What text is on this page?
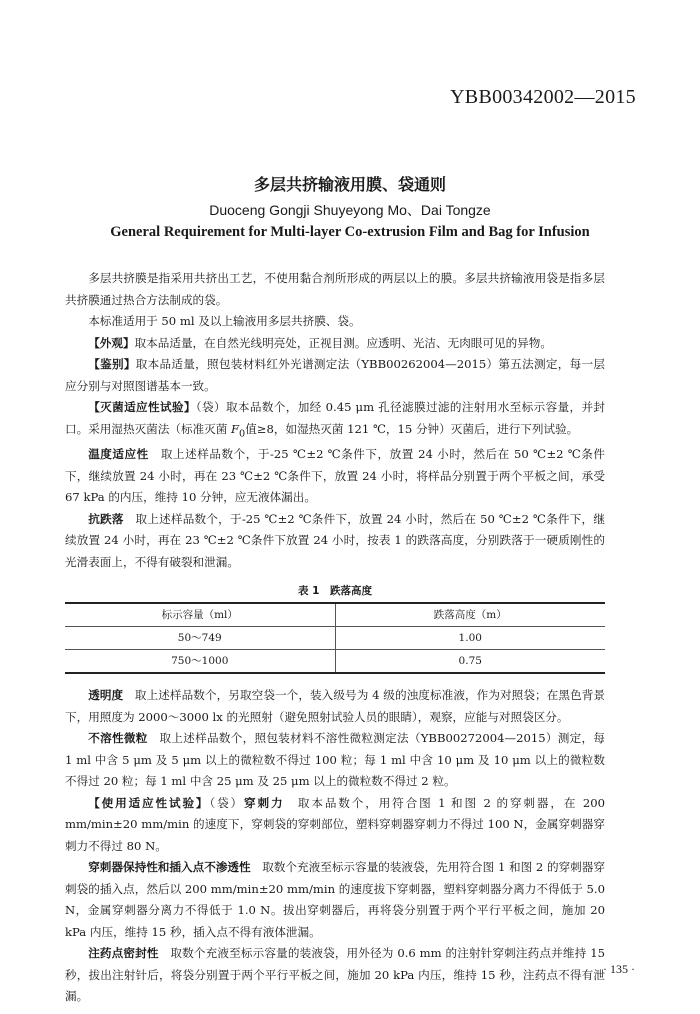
YBB00342002—2015
多层共挤输液用膜、袋通则
Duoceng Gongji Shuyeyong Mo、Dai Tongze
General Requirement for Multi-layer Co-extrusion Film and Bag for Infusion

多层共挤膜是指采用共挤出工艺，不使用黏合剂所形成的两层以上的膜。多层共挤输液用袋是指多层共挤膜通过热合方法制成的袋。

本标准适用于 50 ml 及以上输液用多层共挤膜、袋。

【外观】取本品适量，在自然光线明亮处，正视目测。应透明、光洁、无肉眼可见的异物。

【鉴别】取本品适量，照包装材料红外光谱测定法（YBB00262004—2015）第五法测定，每一层应分别与对照图谱基本一致。

【灭菌适应性试验】（袋）取本品数个，加经 0.45 μm 孔径滤膜过滤的注射用水至标示容量，并封口。采用湿热灭菌法（标准灭菌 $F_0$值≥8，如湿热灭菌 121 ℃，15 分钟）灭菌后，进行下列试验。

温度适应性　 取上述样品数个，于-25 ℃±2 ℃条件下，放置 24 小时，然后在 50 ℃±2 ℃条件下，继续放置 24 小时，再在 23 ℃±2 ℃条件下，放置 24 小时，将样品分别置于两个平板之间，承受 67 kPa 的内压，维持 10 分钟，应无液体漏出。

抗跌落　 取上述样品数个，于-25 ℃±2 ℃条件下，放置 24 小时，然后在 50 ℃±2 ℃条件下，继续放置 24 小时，再在 23 ℃±2 ℃条件下放置 24 小时，按表 1 的跌落高度，分别跌落于一硬质刚性的光滑表面上，不得有破裂和泄漏。

表 1　跌落高度
标示容量（ml）	跌落高度（m）
50～749	1.00
750～1000	0.75

透明度　 取上述样品数个，另取空袋一个，装入级号为 4 级的浊度标准液，作为对照袋；在黑色背景下，用照度为 2000～3000 lx 的光照射（避免照射试验人员的眼睛），观察，应能与对照袋区分。

不溶性微粒　 取上述样品数个，照包装材料不溶性微粒测定法（YBB00272004—2015）测定，每 1 ml 中含 5 μm 及 5 μm 以上的微粒数不得过 100 粒；每 1 ml 中含 10 μm 及 10 μm 以上的微粒数不得过 20 粒；每 1 ml 中含 25 μm 及 25 μm 以上的微粒数不得过 2 粒。

【使用适应性试验】（袋）穿刺力　 取本品数个，用符合图 1 和图 2 的穿刺器，在 200 mm/min±20 mm/min 的速度下，穿刺袋的穿刺部位，塑料穿刺器穿刺力不得过 100 N，金属穿刺器穿刺力不得过 80 N。

穿刺器保持性和插入点不渗透性　 取数个充液至标示容量的装液袋，先用符合图 1 和图 2 的穿刺器穿刺袋的插入点，然后以 200 mm/min±20 mm/min 的速度拔下穿刺器，塑料穿刺器分离力不得低于 5.0 N，金属穿刺器分离力不得低于 1.0 N。拔出穿刺器后，再将袋分别置于两个平行平板之间，施加 20 kPa 内压，维持 15 秒，插入点不得有液体泄漏。

注药点密封性　 取数个充液至标示容量的装液袋，用外径为 0.6 mm 的注射针穿刺注药点并维持 15 秒，拔出注射针后，将袋分别置于两个平行平板之间，施加 20 kPa 内压，维持 15 秒，注药点不得有泄漏。

· 135 ·
